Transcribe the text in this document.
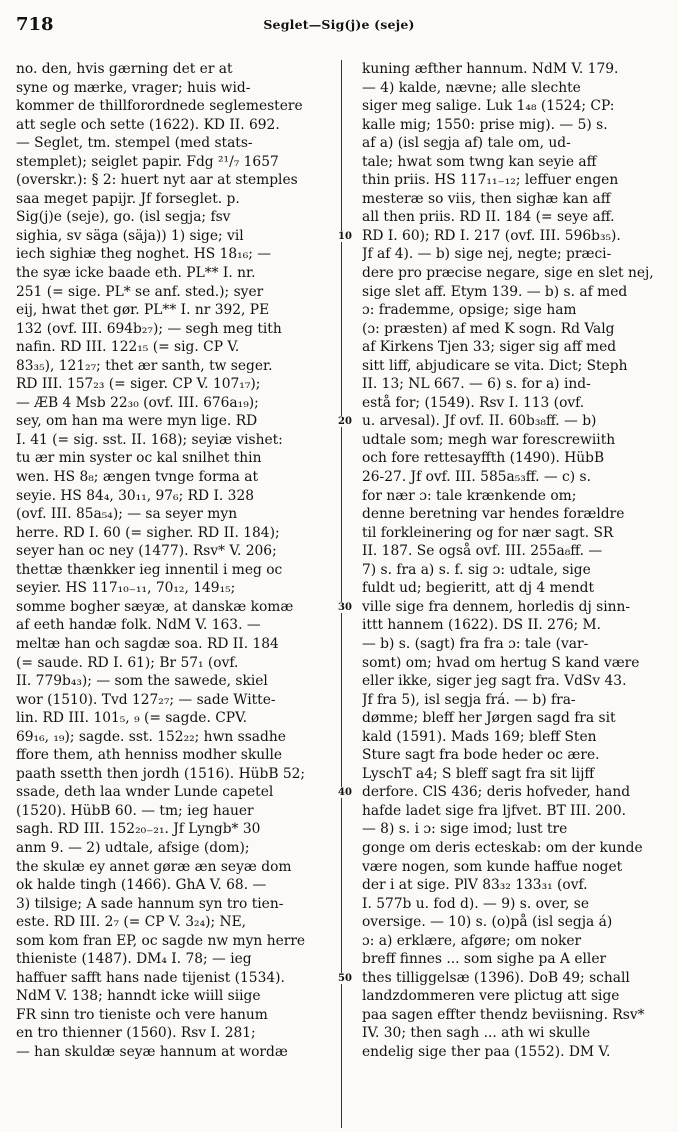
718	Seglet—Sig(j)e (seje)
no. den, hvis gærning det er at
syne og mærke, vrager; huis wid-
kommer de thillforordnede seglemestere
att segle och sette (1622). KD II. 692.
— Seglet, tm. stempel (med stats-
stemplet); seiglet papir. Fdg ²¹/₇ 1657
(overskr.): § 2: huert nyt aar at stemples
saa meget papijr. Jf forseglet. p.
Sig(j)e (seje), go. (isl segja; fsv
sighia, sv säga (säja)) 1) sige; vil
iech sighiæ theg noghet. HS 18₁₆; —
the syæ icke baade eth. PL** I. nr.
251 (= sige. PL* se anf. sted.); syer
eij, hwat thet gør. PL** I. nr 392, PE
132 (ovf. III. 694b₂₇); — segh meg tith
nafin. RD III. 122₁₅ (= sig. CP V.
83₃₅), 121₂₇; thet ær santh, tw seger.
RD III. 157₂₃ (= siger. CP V. 107₁₇);
— ÆB 4 Msb 22₃₀ (ovf. III. 676a₁₉);
sey, om han ma were myn lige. RD
I. 41 (= sig. sst. II. 168); seyiæ vishet:
tu ær min syster oc kal snilhet thin
wen. HS 8₈; ængen tvnge forma at
seyie. HS 84₄, 30₁₁, 97₆; RD I. 328
(ovf. III. 85a₅₄); — sa seyer myn
herre. RD I. 60 (= sigher. RD II. 184);
seyer han oc ney (1477). Rsv* V. 206;
thettæ thænkker ieg innentil i meg oc
seyier. HS 117₁₀₋₁₁, 70₁₂, 149₁₅;
somme bogher sæyæ, at danskæ komæ
af eeth handæ folk. NdM V. 163. —
meltæ han och sagdæ soa. RD II. 184
(= saude. RD I. 61); Br 57₁ (ovf.
II. 779b₄₃); — som the sawede, skiel
wor (1510). Tvd 127₂₇; — sade Witte-
lin. RD III. 101₅, ₉ (= sagde. CPV.
69₁₆, ₁₉); sagde. sst. 152₂₂; hwn ssadhe
ffore them, ath henniss modher skulle
paath ssetth then jordh (1516). HübB 52;
ssade, deth laa wnder Lunde capetel
(1520). HübB 60. — tm; ieg hauer
sagh. RD III. 152₂₀₋₂₁. Jf Lyngb* 30
anm 9. — 2) udtale, afsige (dom);
the skulæ ey annet gøræ æn seyæ dom
ok halde tingh (1466). GhA V. 68. —
3) tilsige; A sade hannum syn tro tien-
este. RD III. 2₇ (= CP V. 3₂₄); NE,
som kom fran EP, oc sagde nw myn herre
thieniste (1487). DM₄ I. 78; — ieg
haffuer safft hans nade tijenist (1534).
NdM V. 138; hanndt icke wiill siige
FR sinn tro tieniste och vere hanum
en tro thienner (1560). Rsv I. 281;
— han skuldæ seyæ hannum at wordæ
kuning æfther hannum. NdM V. 179.
— 4) kalde, nævne; alle slechte
siger meg salige. Luk 1₄₈ (1524; CP:
kalle mig; 1550: prise mig). — 5) s.
af a) (isl segja af) tale om, ud-
tale; hwat som twng kan seyie aff
thin priis. HS 117₁₁₋₁₂; leffuer engen
mesteræ so viis, then sighæ kan aff
all then priis. RD II. 184 (= seye aff.
RD I. 60); RD I. 217 (ovf. III. 596b₃₅).
Jf af 4). — b) sige nej, negte; præci-
dere pro præcise negare, sige en slet nej,
sige slet aff. Etym 139. — b) s. af med
ɔ: frademme, opsige; sige ham
(ɔ: præsten) af med K sogn. Rd Valg
af Kirkens Tjen 33; siger sig aff med
sitt liff, abjudicare se vita. Dict; Steph
II. 13; NL 667. — 6) s. for a) ind-
estå for; (1549). Rsv I. 113 (ovf.
u. arvesal). Jf ovf. II. 60b₃₈ff. — b)
udtale som; megh war forescrewiith
och fore rettesayffth (1490). HübB
26-27. Jf ovf. III. 585a₅₃ff. — c) s.
for nær ɔ: tale krænkende om;
denne beretning var hendes forældre
til forkleinering og for nær sagt. SR
II. 187. Se også ovf. III. 255a₈ff. —
7) s. fra a) s. f. sig ɔ: udtale, sige
fuldt ud; begieritt, att dj 4 mendt
ville sige fra dennem, horledis dj sinn-
ittt hannem (1622). DS II. 276; M.
— b) s. (sagt) fra fra ɔ: tale (var-
somt) om; hvad om hertug S kand være
eller ikke, siger jeg sagt fra. VdSv 43.
Jf fra 5), isl segja frá. — b) fra-
dømme; bleff her Jørgen sagd fra sit
kald (1591). Mads 169; bleff Sten
Sture sagt fra bode heder oc ære.
LyschT a4; S bleff sagt fra sit lijff
derfore. ClS 436; deris hofveder, hand
hafde ladet sige fra ljfvet. BT III. 200.
— 8) s. i ɔ: sige imod; lust tre
gonge om deris ecteskab: om der kunde
være nogen, som kunde haffue noget
der i at sige. PlV 83₃₂ 133₃₁ (ovf.
I. 577b u. fod d). — 9) s. over, se
oversige. — 10) s. (o)på (isl segja á)
ɔ: a) erklære, afgøre; om noker
breff finnes ... som sighe pa A eller
thes tilliggelsæ (1396). DoB 49; schall
landzdommeren vere plictug att sige
paa sagen effter thendz beviisning. Rsv*
IV. 30; then sagh ... ath wi skulle
endelig sige ther paa (1552). DM V.
10
20
30
40
50
